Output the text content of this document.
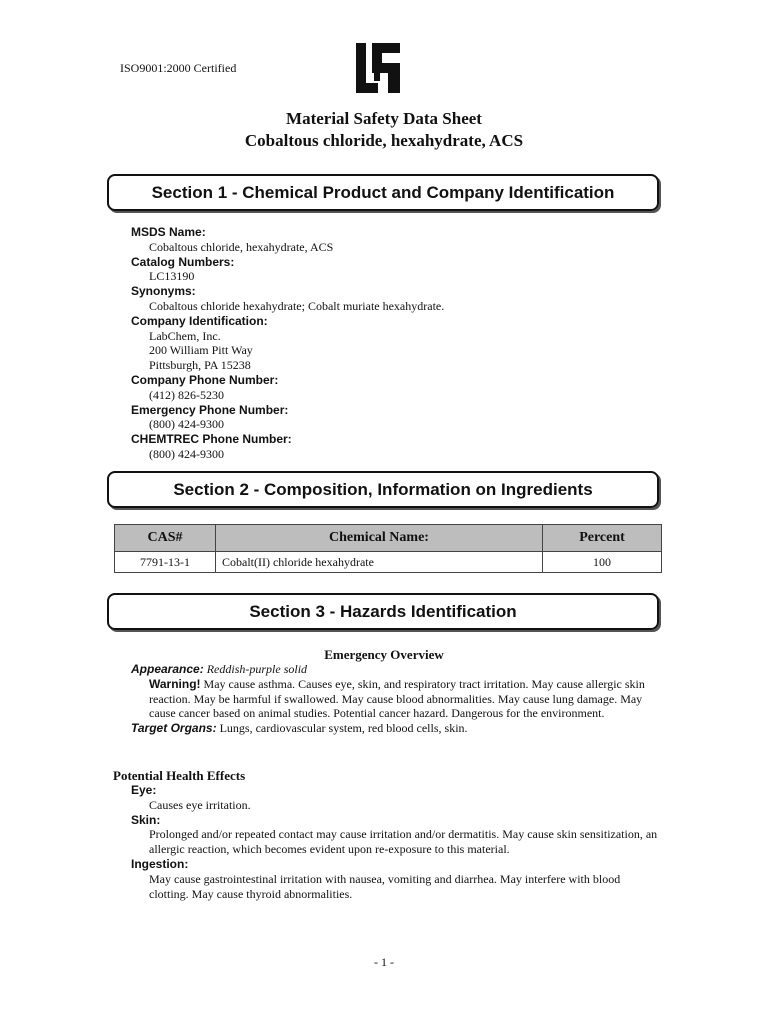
ISO9001:2000 Certified
Material Safety Data Sheet
Cobaltous chloride, hexahydrate, ACS
Section 1 - Chemical Product and Company Identification
MSDS Name:
Cobaltous chloride, hexahydrate, ACS
Catalog Numbers:
LC13190
Synonyms:
Cobaltous chloride hexahydrate; Cobalt muriate hexahydrate.
Company Identification:
LabChem, Inc.
200 William Pitt Way
Pittsburgh, PA 15238
Company Phone Number:
(412) 826-5230
Emergency Phone Number:
(800) 424-9300
CHEMTREC Phone Number:
(800) 424-9300
Section 2 - Composition, Information on Ingredients
CAS#	Chemical Name:	Percent
7791-13-1	Cobalt(II) chloride hexahydrate	100
Section 3 - Hazards Identification
Emergency Overview
Appearance: Reddish-purple solid
Warning! May cause asthma. Causes eye, skin, and respiratory tract irritation. May cause allergic skin reaction. May be harmful if swallowed. May cause blood abnormalities. May cause lung damage. May cause cancer based on animal studies. Potential cancer hazard. Dangerous for the environment.
Target Organs: Lungs, cardiovascular system, red blood cells, skin.
Potential Health Effects
Eye:
Causes eye irritation.
Skin:
Prolonged and/or repeated contact may cause irritation and/or dermatitis. May cause skin sensitization, an allergic reaction, which becomes evident upon re-exposure to this material.
Ingestion:
May cause gastrointestinal irritation with nausea, vomiting and diarrhea. May interfere with blood clotting. May cause thyroid abnormalities.
- 1 -
